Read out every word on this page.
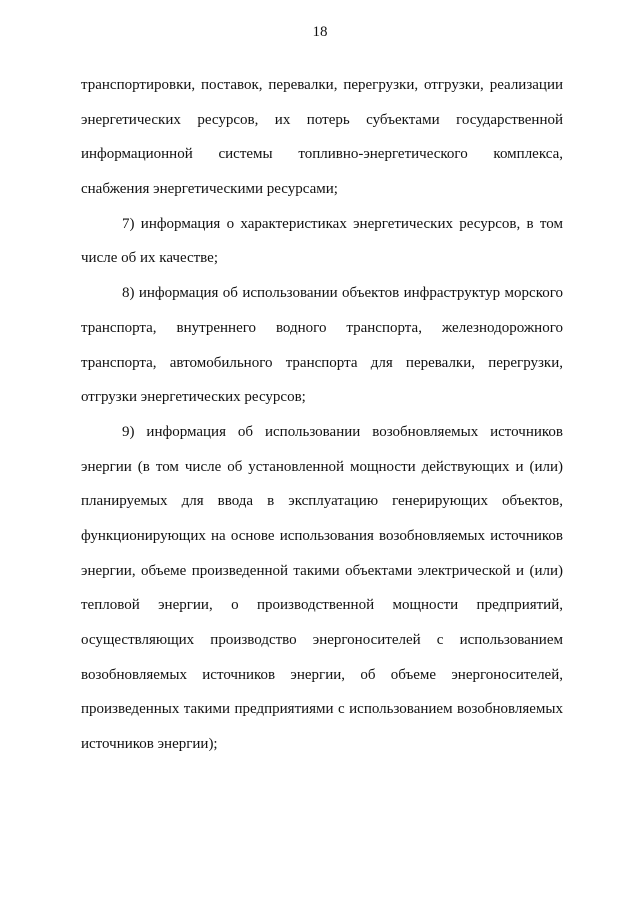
18

транспортировки, поставок, перевалки, перегрузки, отгрузки, реализации
энергетических ресурсов, их потерь субъектами государственной
информационной системы топливно-энергетического комплекса,
снабжения энергетическими ресурсами;

7) информация о характеристиках энергетических ресурсов, в том
числе об их качестве;

8) информация об использовании объектов инфраструктур морского
транспорта, внутреннего водного транспорта, железнодорожного
транспорта, автомобильного транспорта для перевалки, перегрузки,
отгрузки энергетических ресурсов;

9) информация об использовании возобновляемых источников
энергии (в том числе об установленной мощности действующих и (или)
планируемых для ввода в эксплуатацию генерирующих объектов,
функционирующих на основе использования возобновляемых источников
энергии, объеме произведенной такими объектами электрической и (или)
тепловой энергии, о производственной мощности предприятий,
осуществляющих производство энергоносителей с использованием
возобновляемых источников энергии, об объеме энергоносителей,
произведенных такими предприятиями с использованием возобновляемых
источников энергии);
